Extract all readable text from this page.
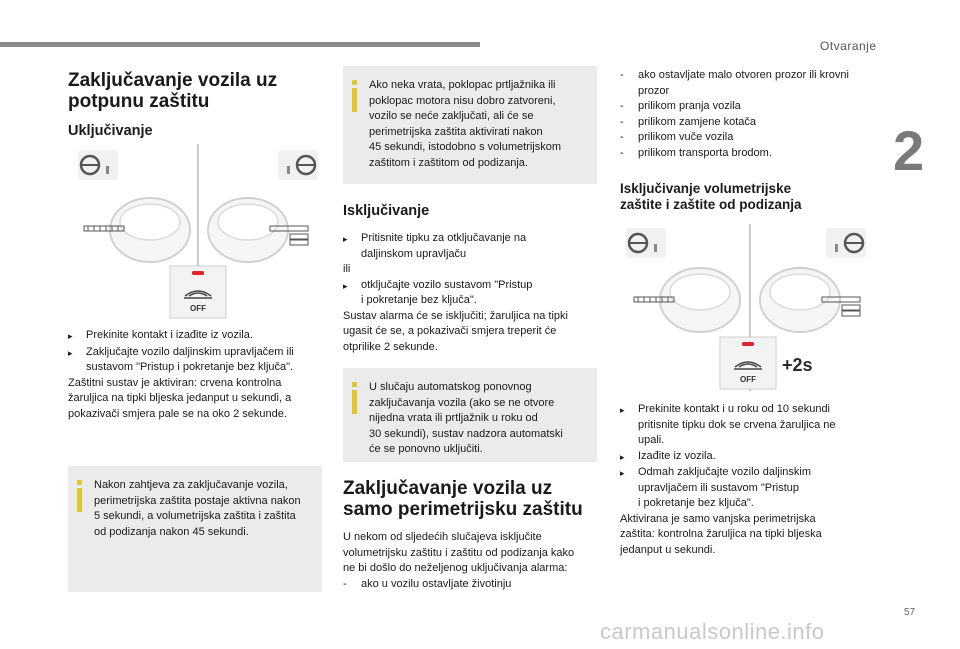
Otvaranje
2
57
carmanualsonline.info
Zaključavanje vozila uz
potpunu zaštitu
Uključivanje
OFF
▸	Prekinite kontakt i izađite iz vozila.
▸	Zaključajte vozilo daljinskim upravljačem ili sustavom "Pristup i pokretanje bez ključa".

Zaštitni sustav je aktiviran: crvena kontrolna
žaruljica na tipki bljeska jedanput u sekundi, a
pokazivači smjera pale se na oko 2 sekunde.

Nakon zahtjeva za zaključavanje vozila,
perimetrijska zaštita postaje aktivna nakon
5 sekundi, a volumetrijska zaštita i zaštita
od podizanja nakon 45 sekundi.

Ako neka vrata, poklopac prtljažnika ili
poklopac motora nisu dobro zatvoreni,
vozilo se neće zaključati, ali će se
perimetrijska zaštita aktivirati nakon
45 sekundi, istodobno s volumetrijskom
zaštitom i zaštitom od podizanja.

Isključivanje
▸	Pritisnite tipku za otključavanje na
daljinskom upravljaču

ili

▸	otključajte vozilo sustavom "Pristup
i pokretanje bez ključa".

Sustav alarma će se isključiti; žaruljica na tipki
ugasit će se, a pokazivači smjera treperit će
otprilike 2 sekunde.

U slučaju automatskog ponovnog
zaključavanja vozila (ako se ne otvore
nijedna vrata ili prtljažnik u roku od
30 sekundi), sustav nadzora automatski
će se ponovno uključiti.

Zaključavanje vozila uz
samo perimetrijsku zaštitu

U nekom od sljedećih slučajeva isključite
volumetrijsku zaštitu i zaštitu od podizanja kako
ne bi došlo do neželjenog uključivanja alarma:

-	ako u vozilu ostavljate životinju
-	ako ostavljate malo otvoren prozor ili krovni
prozor
-	prilikom pranja vozila
-	prilikom zamjene kotača
-	prilikom vuče vozila
-	prilikom transporta brodom.
Isključivanje volumetrijske
zaštite i zaštite od podizanja
OFF
+2s
▸	Prekinite kontakt i u roku od 10 sekundi
pritisnite tipku dok se crvena žaruljica ne
upali.
▸	Izađite iz vozila.
▸	Odmah zaključajte vozilo daljinskim
upravljačem ili sustavom "Pristup
i pokretanje bez ključa".

Aktivirana je samo vanjska perimetrijska
zaštita: kontrolna žaruljica na tipki bljeska
jedanput u sekundi.
